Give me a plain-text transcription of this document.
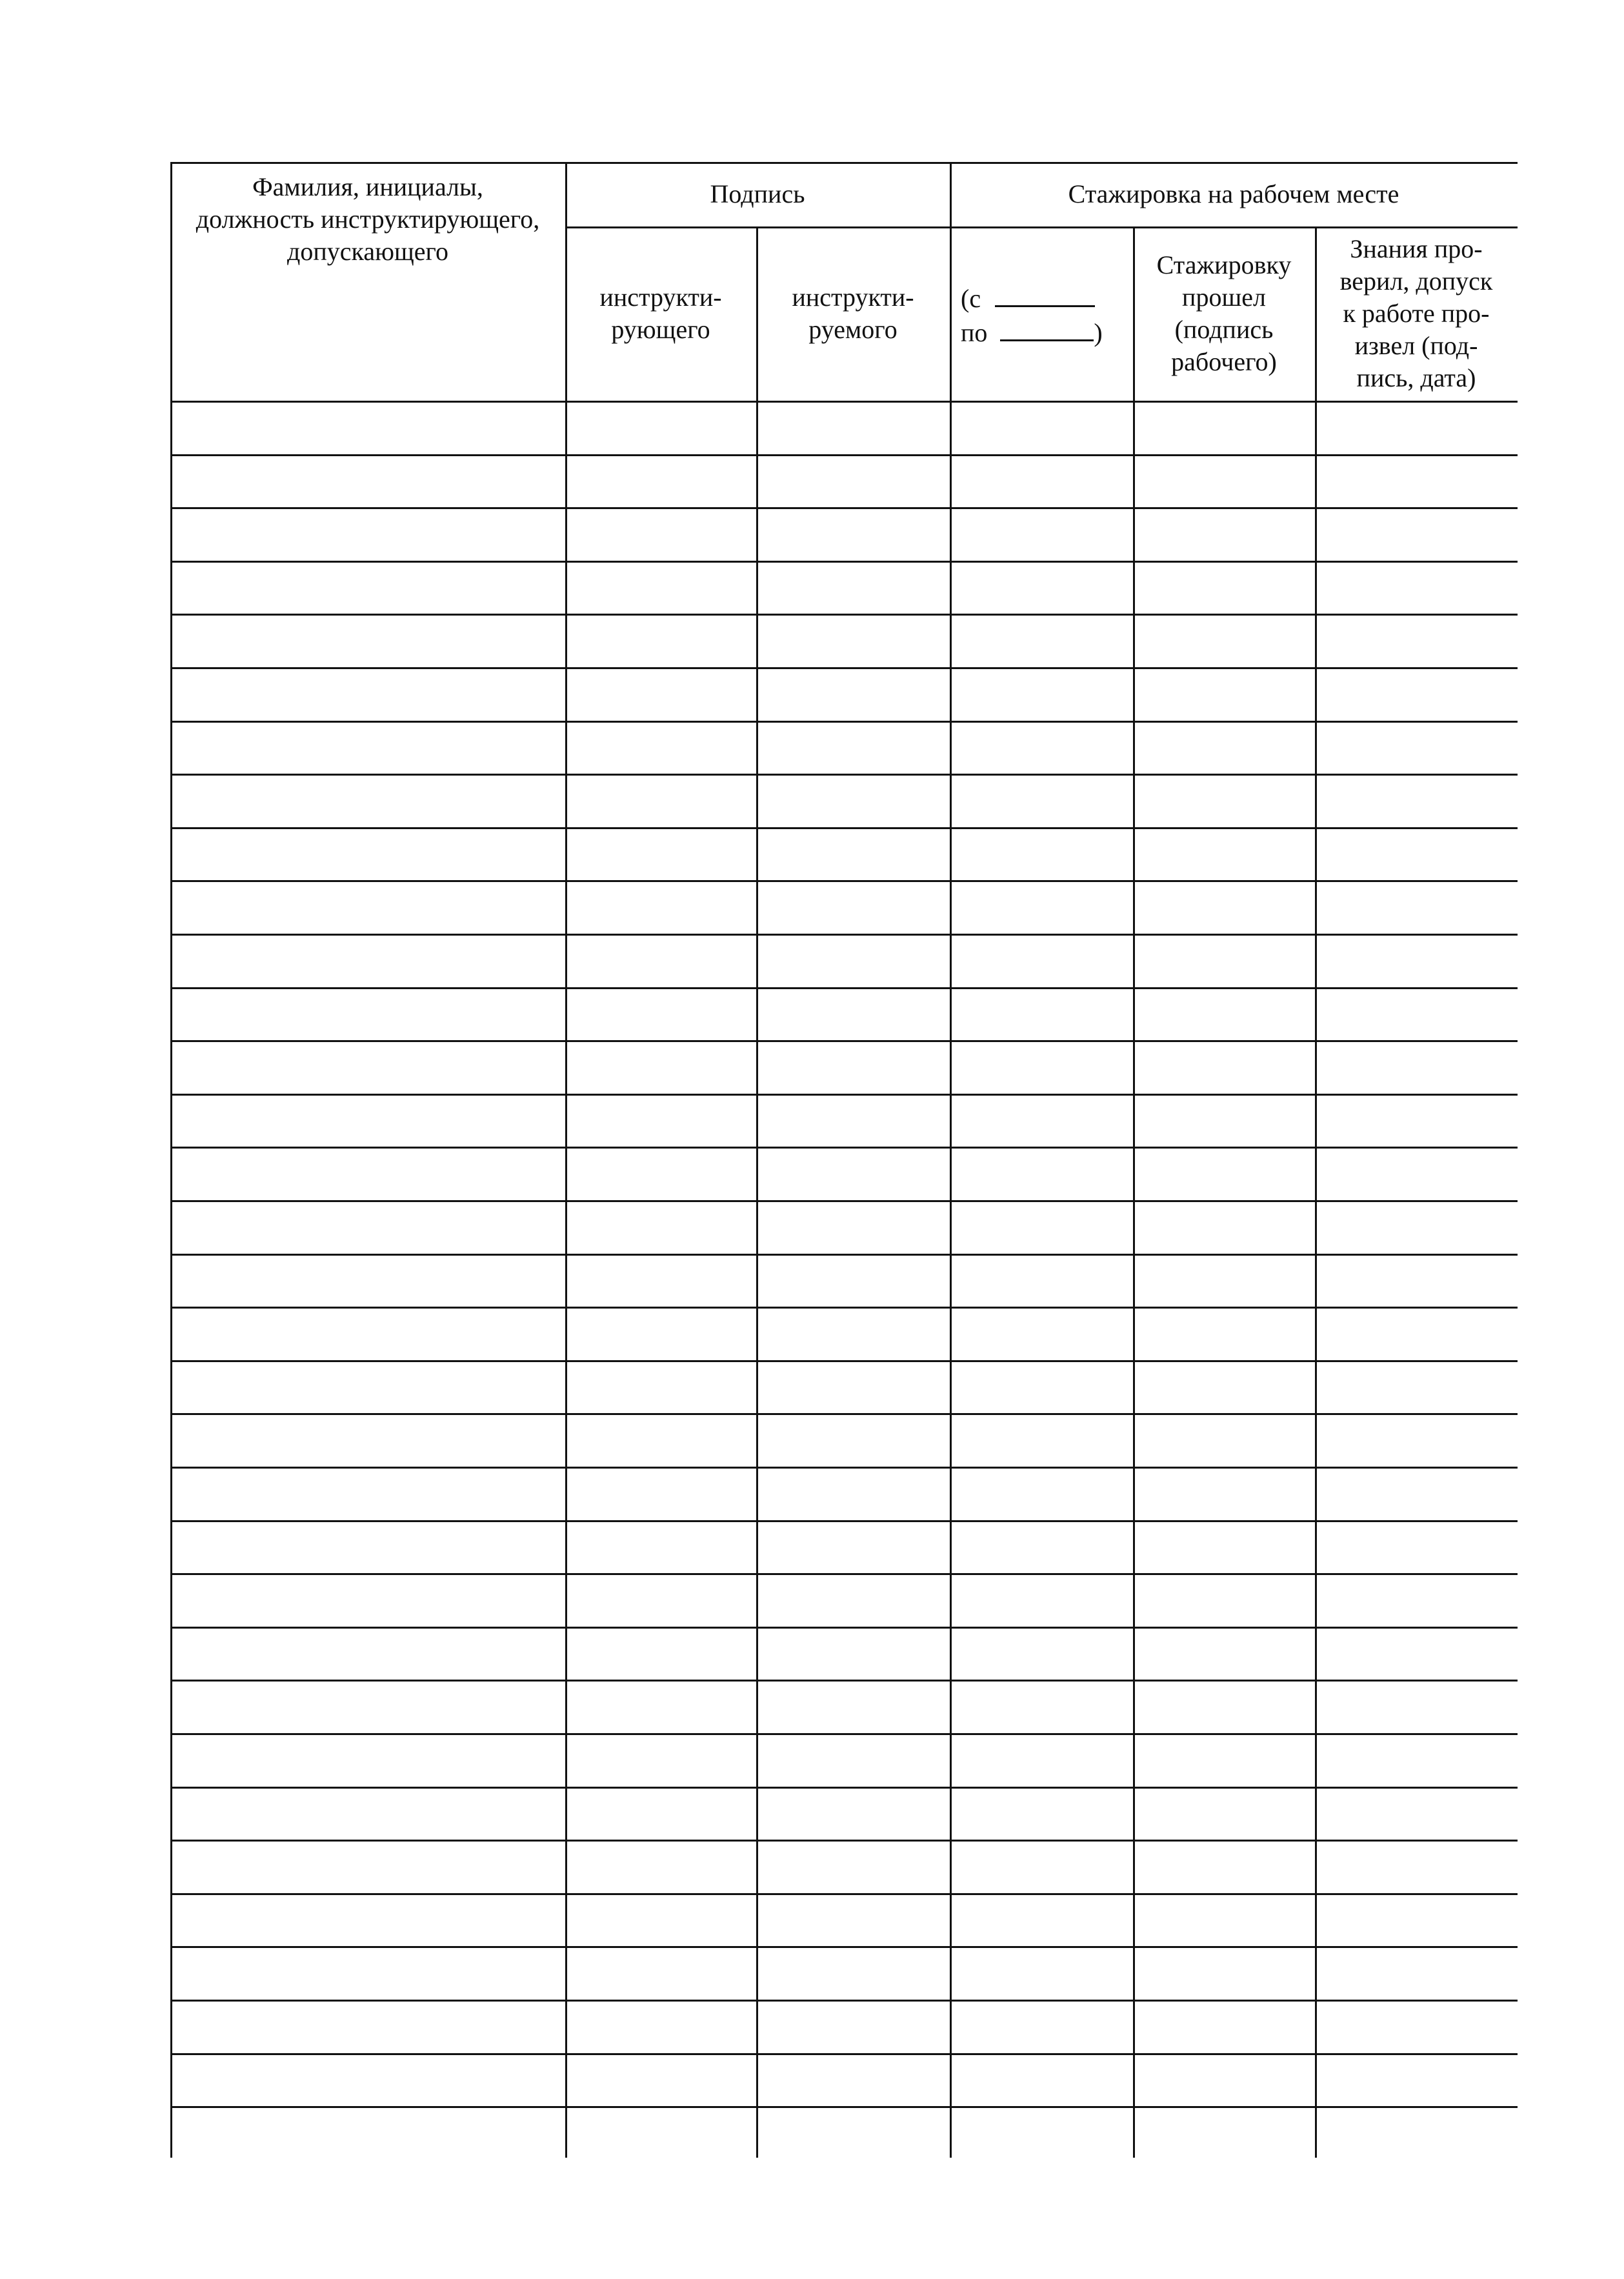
Фамилия, инициалы,
должность инструктирующего,
допускающего
Подпись	Стажировка на рабочем месте
инструкти-
рующего
инструкти-
руемого
Стажировку
прошел
(подпись
рабочего)
Знания про-
верил, допуск
к работе про-
извел (под-
пись, дата)
(с
по	)
